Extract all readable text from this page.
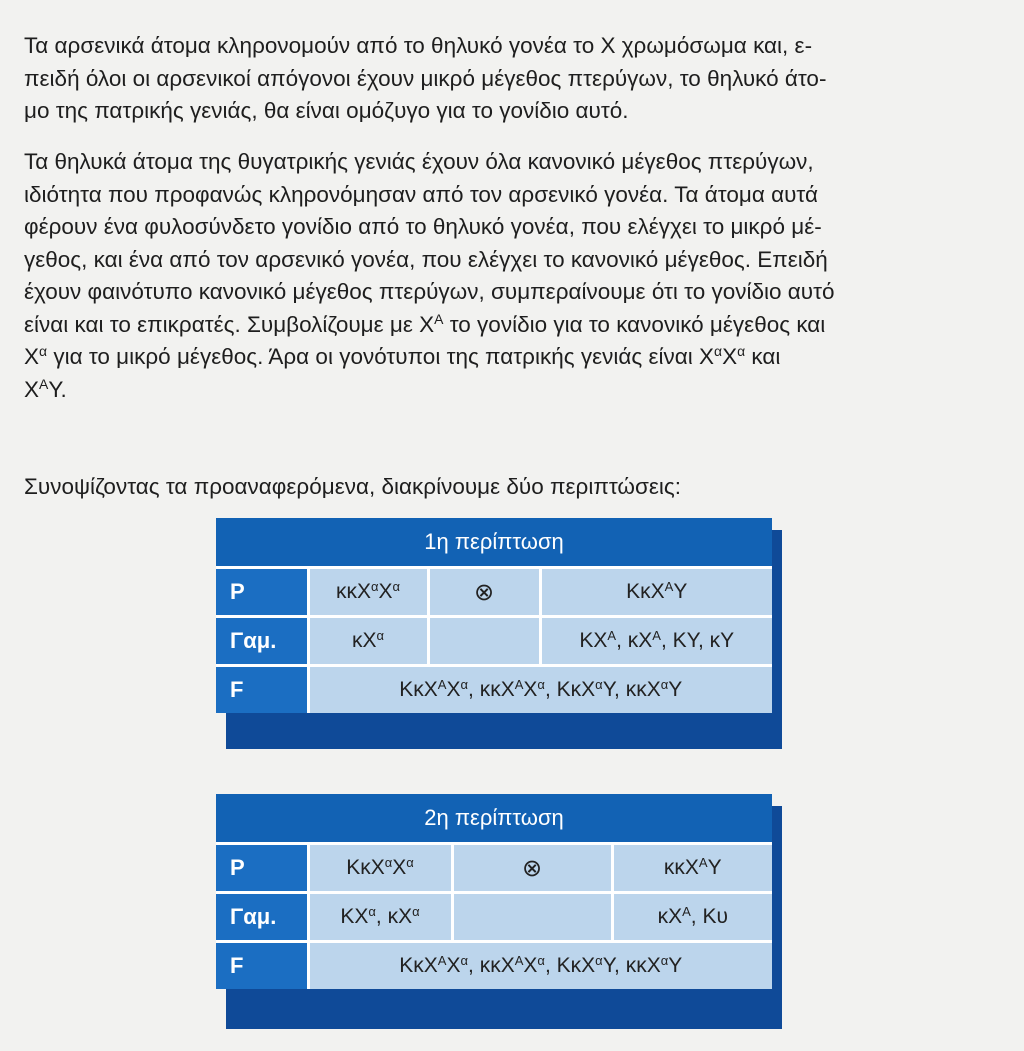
Τα αρσενικά άτομα κληρονομούν από το θηλυκό γονέα το Χ χρωμόσωμα και, ε-
πειδή όλοι οι αρσενικοί απόγονοι έχουν μικρό μέγεθος πτερύγων, το θηλυκό άτο-
μο της πατρικής γενιάς, θα είναι ομόζυγο για το γονίδιο αυτό.

Τα θηλυκά άτομα της θυγατρικής γενιάς έχουν όλα κανονικό μέγεθος πτερύγων,
ιδιότητα που προφανώς κληρονόμησαν από τον αρσενικό γονέα. Τα άτομα αυτά
φέρουν ένα φυλοσύνδετο γονίδιο από το θηλυκό γονέα, που ελέγχει το μικρό μέ-
γεθος, και ένα από τον αρσενικό γονέα, που ελέγχει το κανονικό μέγεθος. Επειδή
έχουν φαινότυπο κανονικό μέγεθος πτερύγων, συμπεραίνουμε ότι το γονίδιο αυτό
είναι και το επικρατές. Συμβολίζουμε με $X^A$ το γονίδιο για το κανονικό μέγεθος και
$X^\alpha$ για το μικρό μέγεθος. Άρα οι γονότυποι της πατρικής γενιάς είναι $X^\alpha X^\alpha$ και
$X^A\Upsilon$.

Συνοψίζοντας τα προαναφερόμενα, διακρίνουμε δύο περιπτώσεις:

1η περίπτωση			
P	$\kappa\kappa X^\alpha X^\alpha$	⊗	ΚκΧ$^A$Υ
Γαμ.	$\kappa X^\alpha$		$KX^A$, $\kappa X^A$, ΚΥ, κΥ
F	$K\kappa X^AX^\alpha$, $\kappa\kappa X^AX^\alpha$, ΚκΧ$^\alpha$Υ, κκΧ$^\alpha$Υ		
2η περίπτωση			
P	$K\kappa X^\alpha X^\alpha$	⊗	κκΧ$^A$Υ
Γαμ.	$KX^\alpha$, $\kappa X^\alpha$		$\kappa X^A$, Κυ
F	$K\kappa X^AX^\alpha$, $\kappa\kappa X^AX^\alpha$, ΚκΧ$^\alpha$Υ, κκΧ$^\alpha$Υ		
